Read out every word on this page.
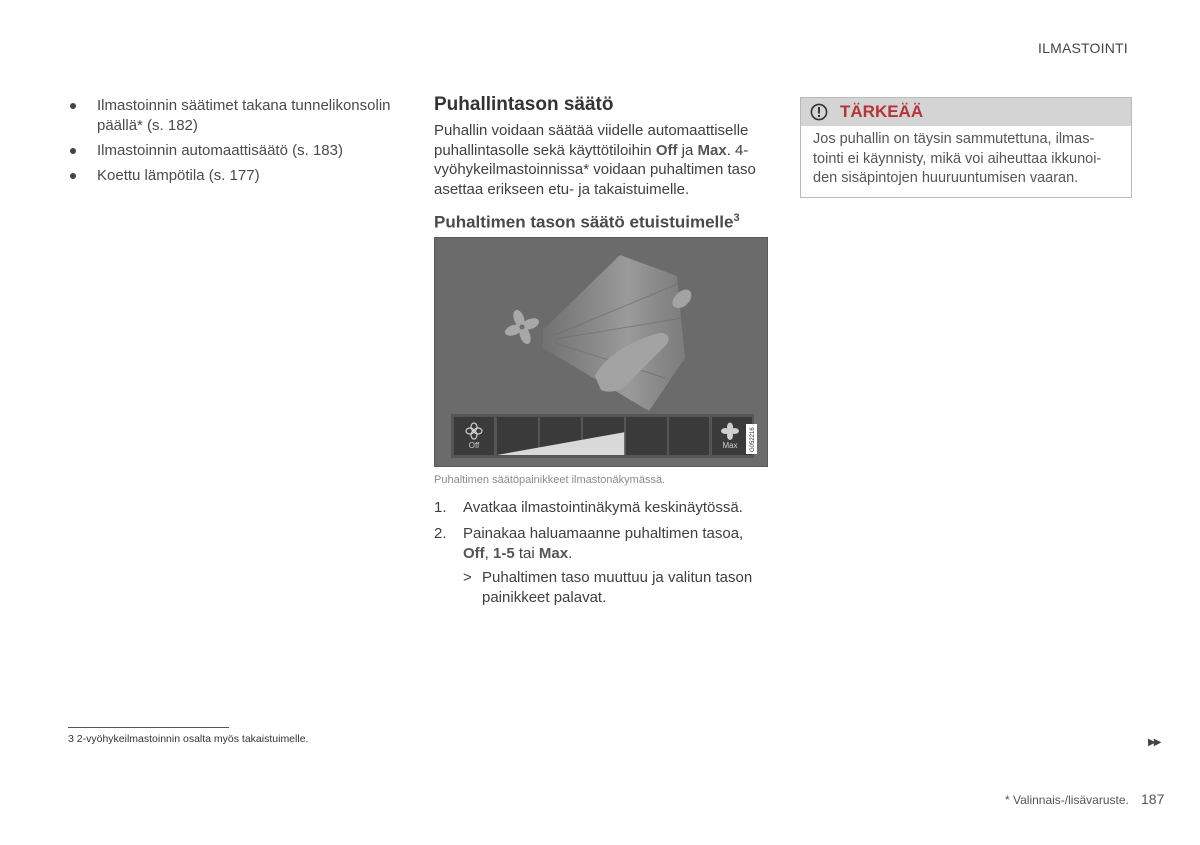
ILMASTOINTI
Ilmastoinnin säätimet takana tunnelikonsolin päällä* (s. 182)
Ilmastoinnin automaattisäätö (s. 183)
Koettu lämpötila (s. 177)
Puhallintason säätö

Puhallin voidaan säätää viidelle automaattiselle puhallintasolle sekä käyttötiloihin Off ja Max. 4-vyöhykeilmastoinnissa* voidaan puhaltimen taso asettaa erikseen etu- ja takaistuimelle.

Puhaltimen tason säätö etuistuimelle$^3$
Off	Max G052216

Puhaltimen säätöpainikkeet ilmastonäkymässä.

1. Avatkaa ilmastointinäkymä keskinäytössä.
2. Painakaa haluamaanne puhaltimen tasoa,
Off, 1-5 tai Max.
> Puhaltimen taso muuttuu ja valitun tason painikkeet palavat.
TÄRKEÄÄ
Jos puhallin on täysin sammutettuna, ilmas-tointi ei käynnisty, mikä voi aiheuttaa ikkunoi-den sisäpintojen huuruuntumisen vaaran.
3 2-vyöhykeilmastoinnin osalta myös takaistuimelle.	▶▶
* Valinnais-/lisävaruste. 187
